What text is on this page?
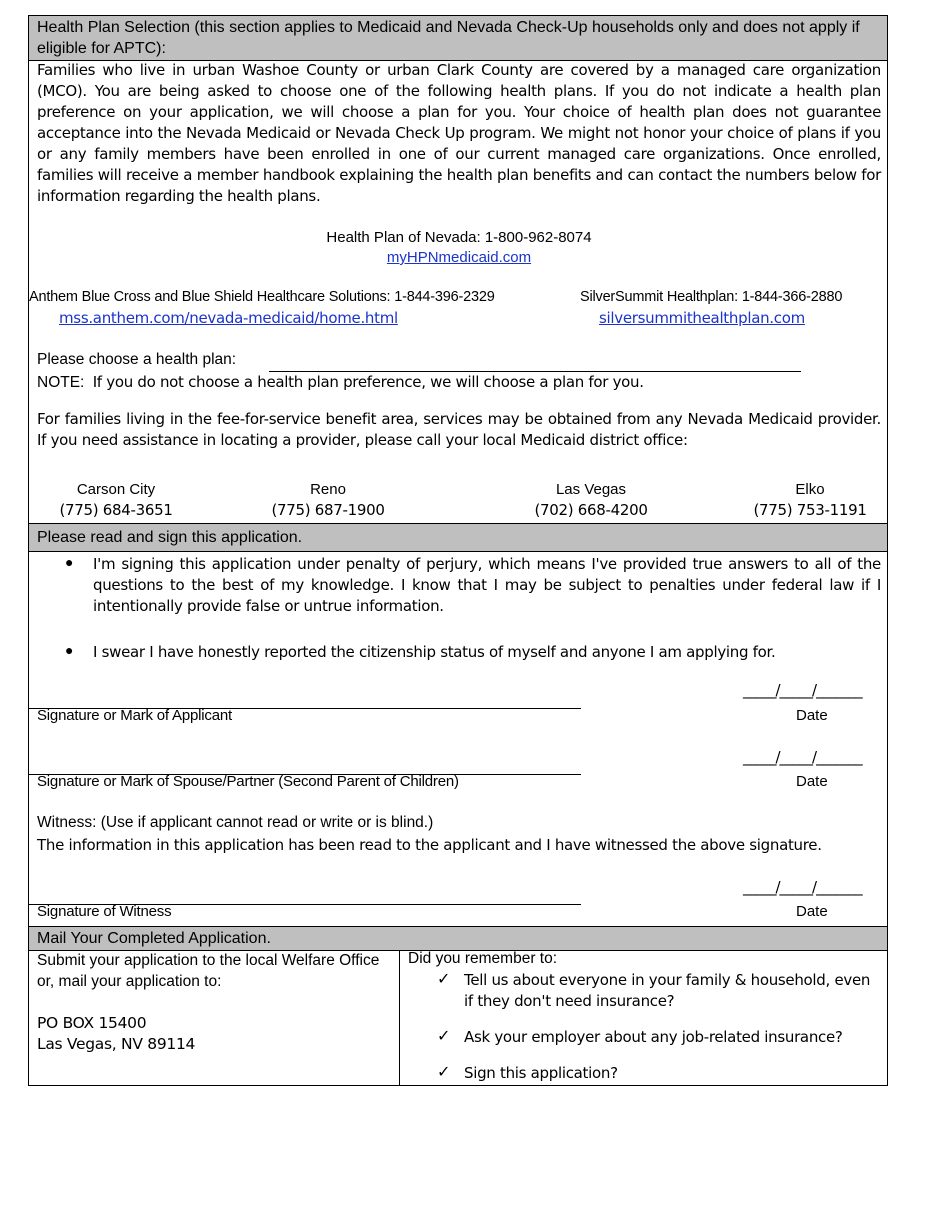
Health Plan Selection (this section applies to Medicaid and Nevada Check-Up households only and does not apply if eligible for APTC):
Families who live in urban Washoe County or urban Clark County are covered by a managed care organization (MCO). You are being asked to choose one of the following health plans. If you do not indicate a health plan preference on your application, we will choose a plan for you. Your choice of health plan does not guarantee acceptance into the Nevada Medicaid or Nevada Check Up program. We might not honor your choice of plans if you or any family members have been enrolled in one of our current managed care organizations. Once enrolled, families will receive a member handbook explaining the health plan benefits and can contact the numbers below for information regarding the health plans.
Health Plan of Nevada: 1-800-962-8074
myHPNmedicaid.com
Anthem Blue Cross and Blue Shield Healthcare Solutions: 1-844-396-2329
mss.anthem.com/nevada-medicaid/home.html
SilverSummit Healthplan: 1-844-366-2880
silversummithealthplan.com
Please choose a health plan:
NOTE: If you do not choose a health plan preference, we will choose a plan for you.
For families living in the fee-for-service benefit area, services may be obtained from any Nevada Medicaid provider. If you need assistance in locating a provider, please call your local Medicaid district office:
Carson City
(775) 684-3651
Reno
(775) 687-1900
Las Vegas
(702) 668-4200
Elko
(775) 753-1191
Please read and sign this application.
● I'm signing this application under penalty of perjury, which means I've provided true answers to all of the questions to the best of my knowledge. I know that I may be subject to penalties under federal law if I intentionally provide false or untrue information.
● I swear I have honestly reported the citizenship status of myself and anyone I am applying for.
_____/_____/_______
Signature or Mark of Applicant	Date
_____/_____/_______
Signature or Mark of Spouse/Partner (Second Parent of Children)	Date
Witness: (Use if applicant cannot read or write or is blind.)
The information in this application has been read to the applicant and I have witnessed the above signature.
_____/_____/_______
Signature of Witness	Date
Mail Your Completed Application.
Submit your application to the local Welfare Office or, mail your application to:
PO BOX 15400
Las Vegas, NV 89114
Did you remember to:
✓ Tell us about everyone in your family & household, even if they don't need insurance?
✓ Ask your employer about any job-related insurance?
✓ Sign this application?
